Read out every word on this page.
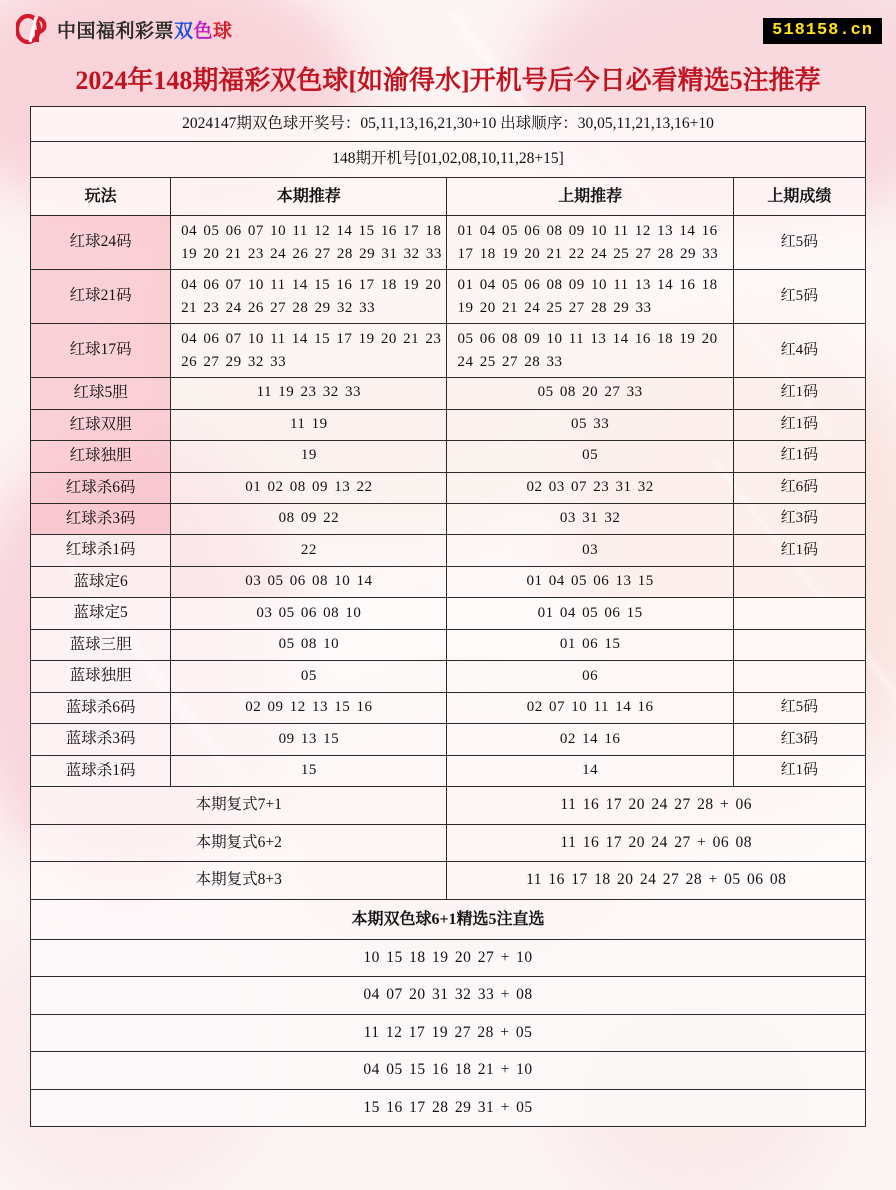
中国福利彩票双色球	518158.cn
2024年148期福彩双色球[如渝得水]开机号后今日必看精选5注推荐
2024147期双色球开奖号：05,11,13,16,21,30+10 出球顺序：30,05,11,21,13,16+10			
148期开机号[01,02,08,10,11,28+15]			
玩法	本期推荐	上期推荐	上期成绩
红球24码	04 05 06 07 10 11 12 14 15 16 17 18 19 20 21 23 24 26 27 28 29 31 32 33	01 04 05 06 08 09 10 11 12 13 14 16 17 18 19 20 21 22 24 25 27 28 29 33	红5码
红球21码	04 06 07 10 11 14 15 16 17 18 19 20 21 23 24 26 27 28 29 32 33	01 04 05 06 08 09 10 11 13 14 16 18 19 20 21 24 25 27 28 29 33	红5码
红球17码	04 06 07 10 11 14 15 17 19 20 21 23 26 27 29 32 33	05 06 08 09 10 11 13 14 16 18 19 20 24 25 27 28 33	红4码
红球5胆	11 19 23 32 33	05 08 20 27 33	红1码
红球双胆	11 19	05 33	红1码
红球独胆	19	05	红1码
红球杀6码	01 02 08 09 13 22	02 03 07 23 31 32	红6码
红球杀3码	08 09 22	03 31 32	红3码
红球杀1码	22	03	红1码
蓝球定6	03 05 06 08 10 14	01 04 05 06 13 15	
蓝球定5	03 05 06 08 10	01 04 05 06 15	
蓝球三胆	05 08 10	01 06 15	
蓝球独胆	05	06	
蓝球杀6码	02 09 12 13 15 16	02 07 10 11 14 16	红5码
蓝球杀3码	09 13 15	02 14 16	红3码
蓝球杀1码	15	14	红1码
本期复式7+1		11 16 17 20 24 27 28 + 06	
本期复式6+2		11 16 17 20 24 27 + 06 08	
本期复式8+3		11 16 17 18 20 24 27 28 + 05 06 08	
本期双色球6+1精选5注直选			
10 15 18 19 20 27 + 10			
04 07 20 31 32 33 + 08			
11 12 17 19 27 28 + 05			
04 05 15 16 18 21 + 10			
15 16 17 28 29 31 + 05			
